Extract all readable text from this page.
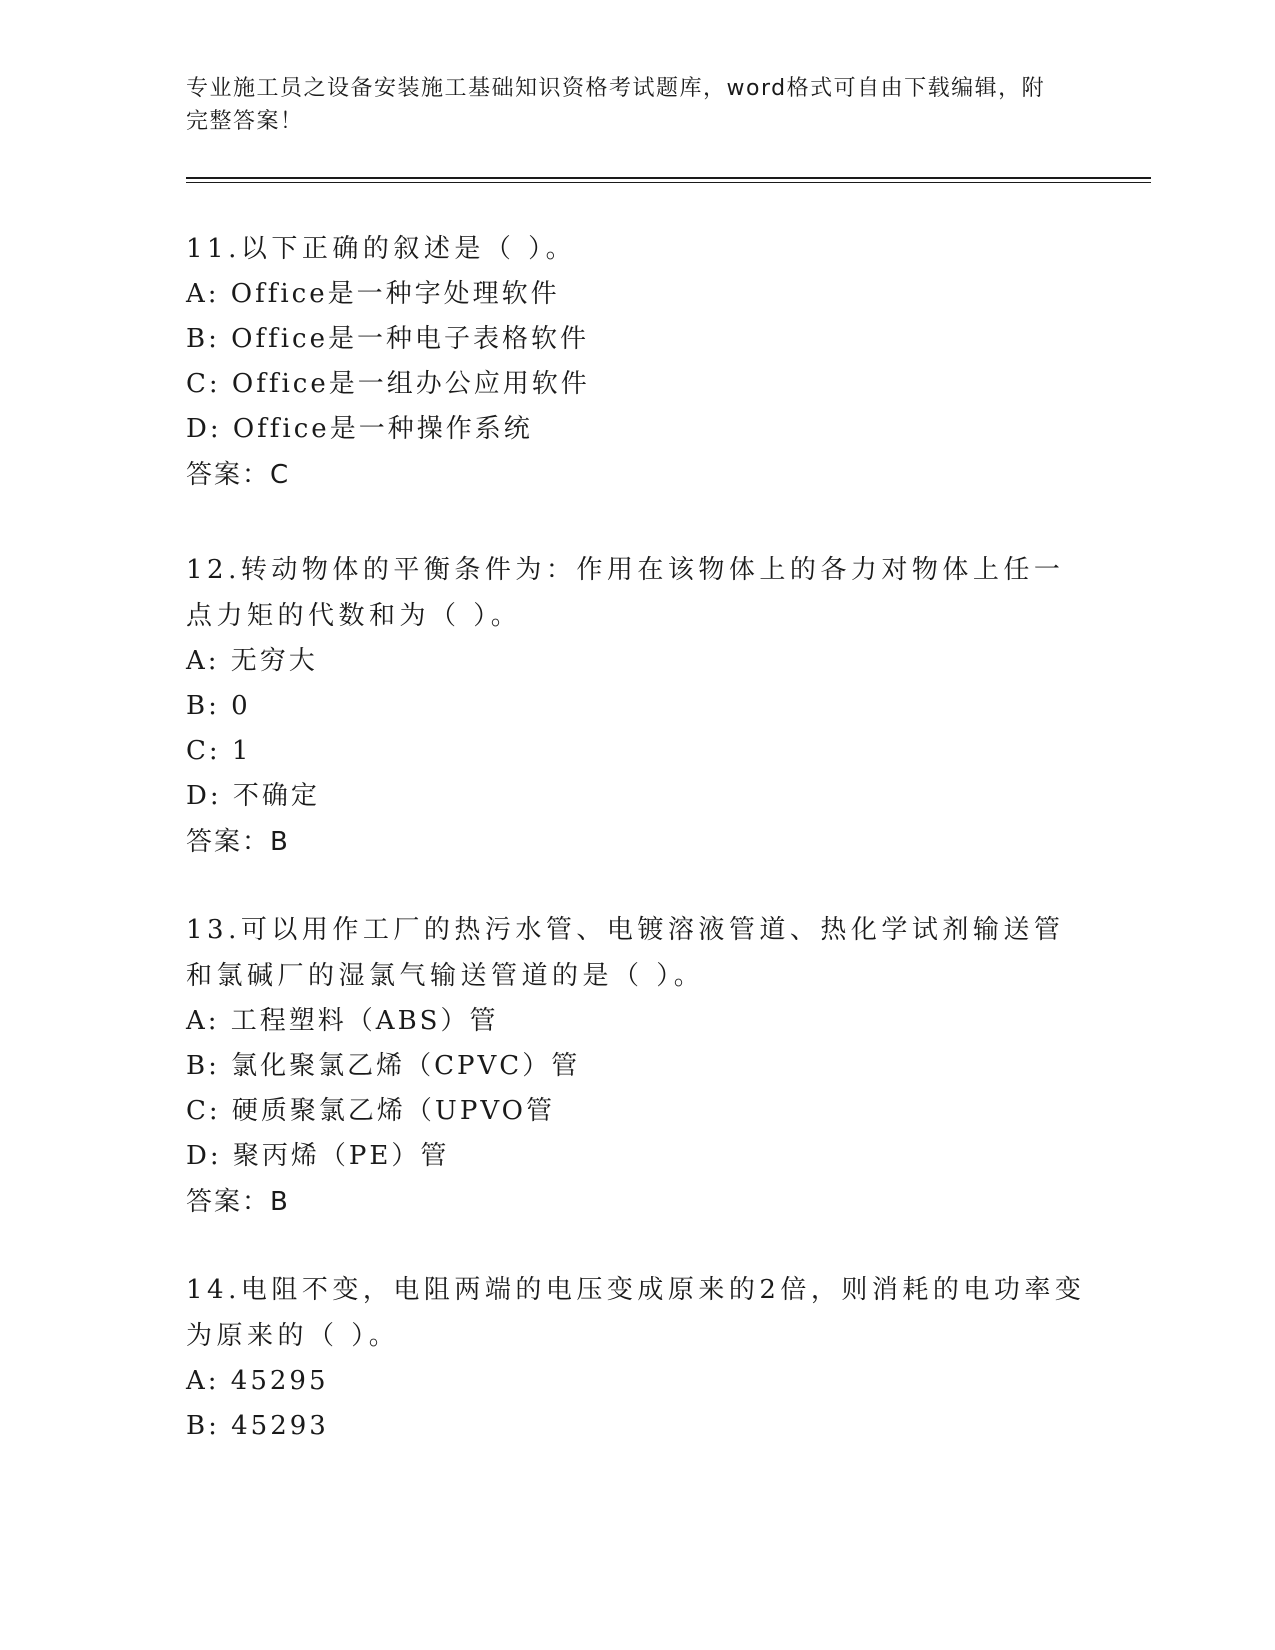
专业施工员之设备安装施工基础知识资格考试题库，word格式可自由下载编辑，附完整答案！

11.以下正确的叙述是（ ）。

A: Office是一种字处理软件

B: Office是一种电子表格软件

C: Office是一组办公应用软件

D: Office是一种操作系统

答案：C

12.转动物体的平衡条件为：作用在该物体上的各力对物体上任一点力矩的代数和为（ ）。

A: 无穷大

B: 0

C: 1

D: 不确定

答案：B

13.可以用作工厂的热污水管、电镀溶液管道、热化学试剂输送管和氯碱厂的湿氯气输送管道的是（ ）。

A: 工程塑料（ABS）管

B: 氯化聚氯乙烯（CPVC）管

C: 硬质聚氯乙烯（UPVO管

D: 聚丙烯（PE）管

答案：B

14.电阻不变，电阻两端的电压变成原来的2倍，则消耗的电功率变为原来的（ ）。

A: 45295

B: 45293
